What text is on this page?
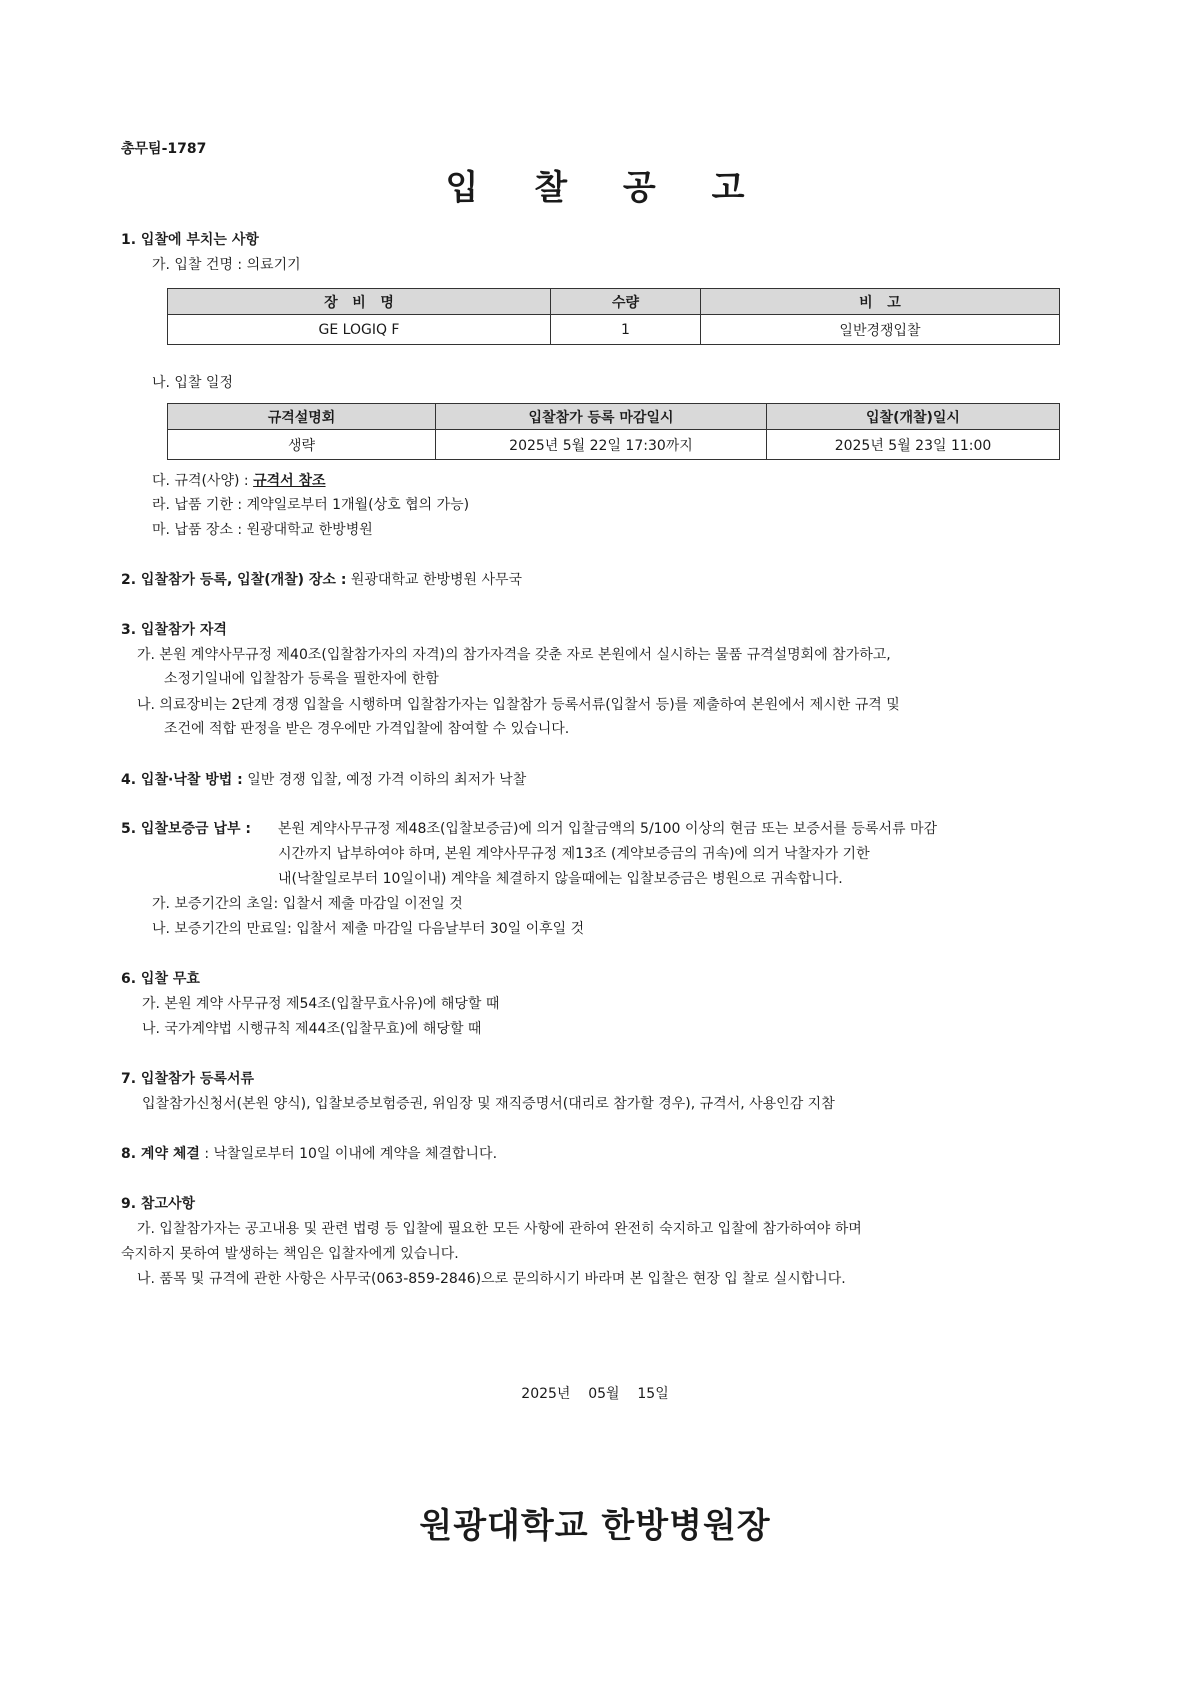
총무팀-1787
입 찰 공 고
1. 입찰에 부치는 사항
가. 입찰 건명 : 의료기기
장   비   명	수량	비   고
GE LOGIQ F	1	일반경쟁입찰
나. 입찰 일정
규격설명회	입찰참가 등록 마감일시	입찰(개찰)일시
생략	2025년 5월 22일 17:30까지	2025년 5월 23일 11:00
다. 규격(사양) : 규격서 참조
라. 납품 기한 : 계약일로부터 1개월(상호 협의 가능)
마. 납품 장소 : 원광대학교 한방병원
2. 입찰참가 등록, 입찰(개찰) 장소 : 원광대학교 한방병원 사무국
3. 입찰참가 자격
가. 본원 계약사무규정 제40조(입찰참가자의 자격)의 참가자격을 갖춘 자로 본원에서 실시하는 물품 규격설명회에 참가하고,
소정기일내에 입찰참가 등록을 필한자에 한함
나. 의료장비는 2단계 경쟁 입찰을 시행하며 입찰참가자는 입찰참가 등록서류(입찰서 등)를 제출하여 본원에서 제시한 규격 및
조건에 적합 판정을 받은 경우에만 가격입찰에 참여할 수 있습니다.
4. 입찰·낙찰 방법 : 일반 경쟁 입찰, 예정 가격 이하의 최저가 낙찰
5. 입찰보증금 납부 : 본원 계약사무규정 제48조(입찰보증금)에 의거 입찰금액의 5/100 이상의 현금 또는 보증서를 등록서류 마감
시간까지 납부하여야 하며, 본원 계약사무규정 제13조 (계약보증금의 귀속)에 의거 낙찰자가 기한
내(낙찰일로부터 10일이내) 계약을 체결하지 않을때에는 입찰보증금은 병원으로 귀속합니다.
가. 보증기간의 초일: 입찰서 제출 마감일 이전일 것
나. 보증기간의 만료일: 입찰서 제출 마감일 다음날부터 30일 이후일 것
6. 입찰 무효
가. 본원 계약 사무규정 제54조(입찰무효사유)에 해당할 때
나. 국가계약법 시행규칙 제44조(입찰무효)에 해당할 때
7. 입찰참가 등록서류
입찰참가신청서(본원 양식), 입찰보증보험증권, 위임장 및 재직증명서(대리로 참가할 경우), 규격서, 사용인감 지참
8. 계약 체결 : 낙찰일로부터 10일 이내에 계약을 체결합니다.
9. 참고사항
가. 입찰참가자는 공고내용 및 관련 법령 등 입찰에 필요한 모든 사항에 관하여 완전히 숙지하고 입찰에 참가하여야 하며
숙지하지 못하여 발생하는 책임은 입찰자에게 있습니다.
나. 품목 및 규격에 관한 사항은 사무국(063-859-2846)으로 문의하시기 바라며 본 입찰은 현장 입 찰로 실시합니다.
2025년    05월    15일
원광대학교 한방병원장
